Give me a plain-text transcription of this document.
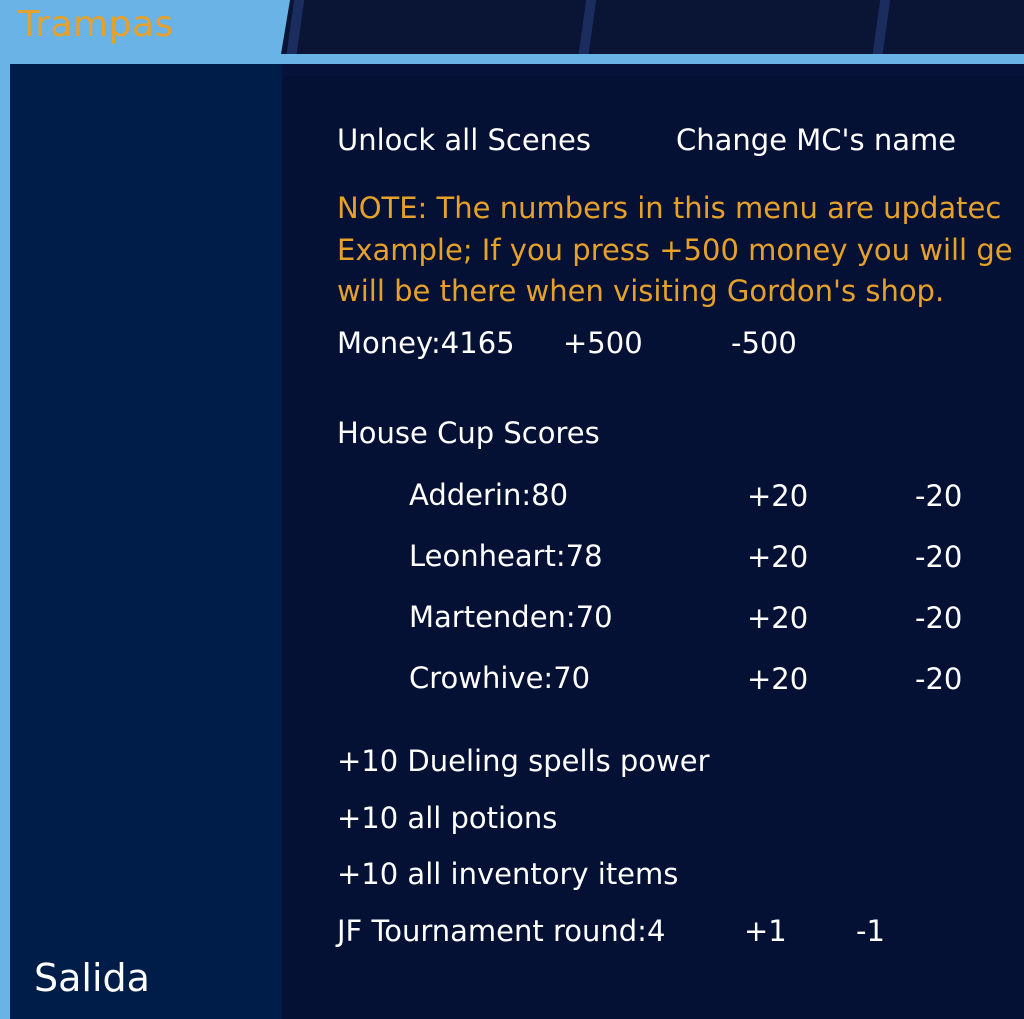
Trampas
Salida
Unlock all Scenes	Change MC's name
NOTE: The numbers in this menu are updatec
Example; If you press +500 money you will ge
will be there when visiting Gordon's shop.
Money:4165 +500	-500
House Cup Scores
Adderin:80	+20	-20
Leonheart:78	+20	-20
Martenden:70	+20	-20
Crowhive:70	+20	-20
+10 Dueling spells power
+10 all potions
+10 all inventory items
JF Tournament round:4	+1 -1
